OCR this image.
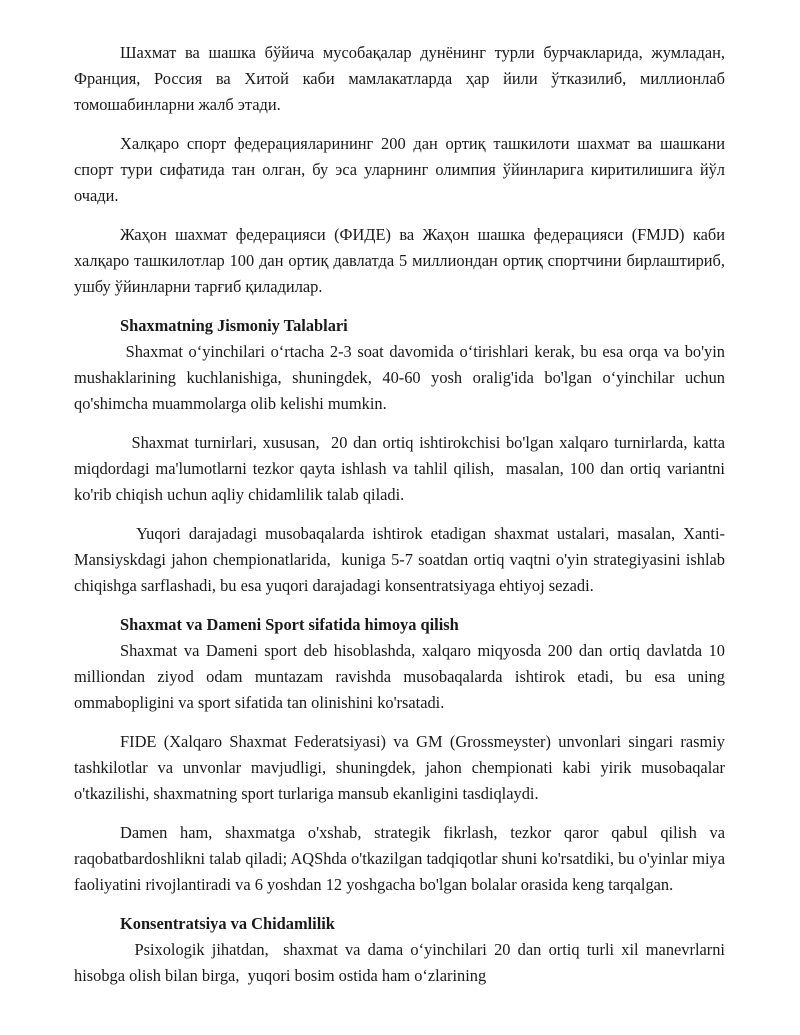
Шахмат ва шашка бўйича мусобақалар дунёнинг турли бурчакларида, жумладан, Франция, Россия ва Хитой каби мамлакатларда ҳар йили ўтказилиб, миллионлаб томошабинларни жалб этади.

Халқаро спорт федерацияларининг 200 дан ортиқ ташкилоти шахмат ва шашкани спорт тури сифатида тан олган, бу эса уларнинг олимпия ўйинларига киритилишига йўл очади.

Жаҳон шахмат федерацияси (ФИДЕ) ва Жаҳон шашка федерацияси (FMJD) каби халқаро ташкилотлар 100 дан ортиқ давлатда 5 миллиондан ортиқ спортчини бирлаштириб, ушбу ўйинларни тарғиб қиладилар.

Shaxmatning Jismoniy Talablari

Shaxmat o‘yinchilari o‘rtacha 2-3 soat davomida o‘tirishlari kerak, bu esa orqa va bo'yin mushaklarining kuchlanishiga, shuningdek, 40-60 yosh oralig'ida bo'lgan o‘yinchilar uchun qo'shimcha muammolarga olib kelishi mumkin.

Shaxmat turnirlari, xususan,  20 dan ortiq ishtirokchisi bo'lgan xalqaro turnirlarda, katta miqdordagi ma'lumotlarni tezkor qayta ishlash va tahlil qilish,  masalan, 100 dan ortiq variantni ko'rib chiqish uchun aqliy chidamlilik talab qiladi.

Yuqori darajadagi musobaqalarda ishtirok etadigan shaxmat ustalari, masalan, Xanti-Mansiyskdagi jahon chempionatlarida,  kuniga 5-7 soatdan ortiq vaqtni o'yin strategiyasini ishlab chiqishga sarflashadi, bu esa yuqori darajadagi konsentratsiyaga ehtiyoj sezadi.

Shaxmat va Dameni Sport sifatida himoya qilish

Shaxmat va Dameni sport deb hisoblashda, xalqaro miqyosda 200 dan ortiq davlatda 10 milliondan ziyod odam muntazam ravishda musobaqalarda ishtirok etadi, bu esa uning ommabopligini va sport sifatida tan olinishini ko'rsatadi.

FIDE (Xalqaro Shaxmat Federatsiyasi) va GM (Grossmeyster) unvonlari singari rasmiy tashkilotlar va unvonlar mavjudligi, shuningdek, jahon chempionati kabi yirik musobaqalar o'tkazilishi, shaxmatning sport turlariga mansub ekanligini tasdiqlaydi.

Damen ham, shaxmatga o'xshab, strategik fikrlash, tezkor qaror qabul qilish va raqobatbardoshlikni talab qiladi; AQShda o'tkazilgan tadqiqotlar shuni ko'rsatdiki, bu o'yinlar miya faoliyatini rivojlantiradi va 6 yoshdan 12 yoshgacha bo'lgan bolalar orasida keng tarqalgan.

Konsentratsiya va Chidamlilik

Psixologik jihatdan,  shaxmat va dama o‘yinchilari 20 dan ortiq turli xil manevrlarni hisobga olish bilan birga,  yuqori bosim ostida ham o‘zlarining
